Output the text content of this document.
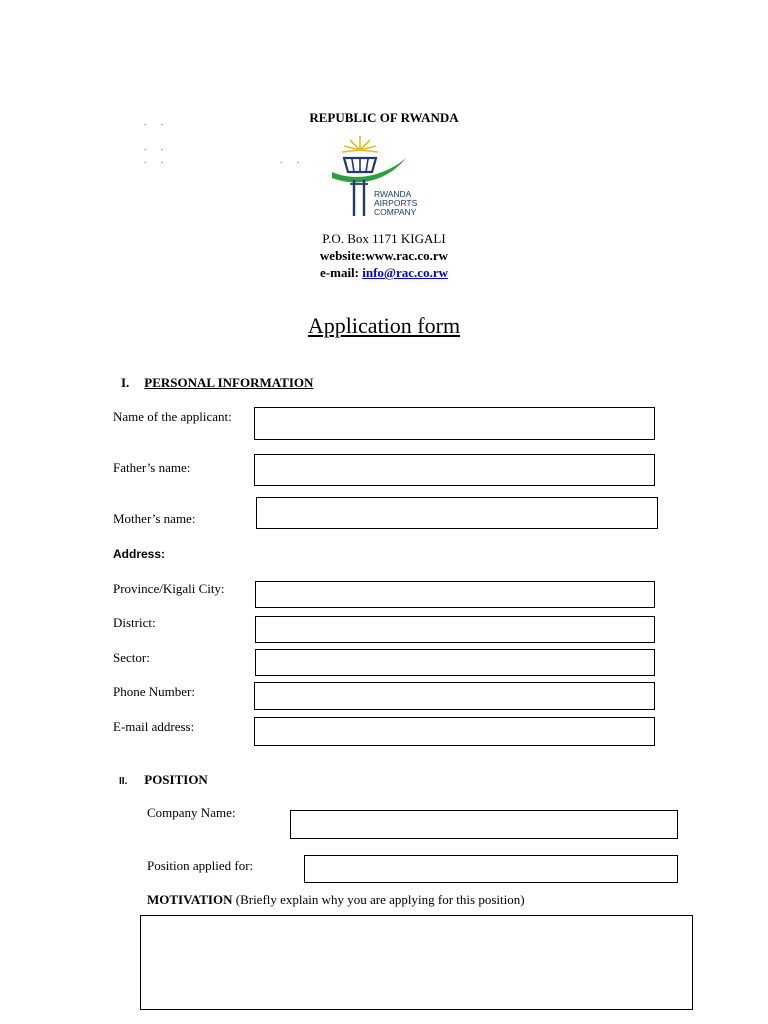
REPUBLIC OF RWANDA
- -
- -
- -	- -
RWANDA
AIRPORTS
COMPANY
P.O. Box 1171 KIGALI
website:www.rac.co.rw
e-mail: info@rac.co.rw
Application form
I. PERSONAL INFORMATION
Name of the applicant:
Father’s name:
Mother’s name:
Address:
Province/Kigali City:
District:
Sector:
Phone Number:
E-mail address:
II. POSITION
Company Name:
Position applied for:
MOTIVATION (Briefly explain why you are applying for this position)
